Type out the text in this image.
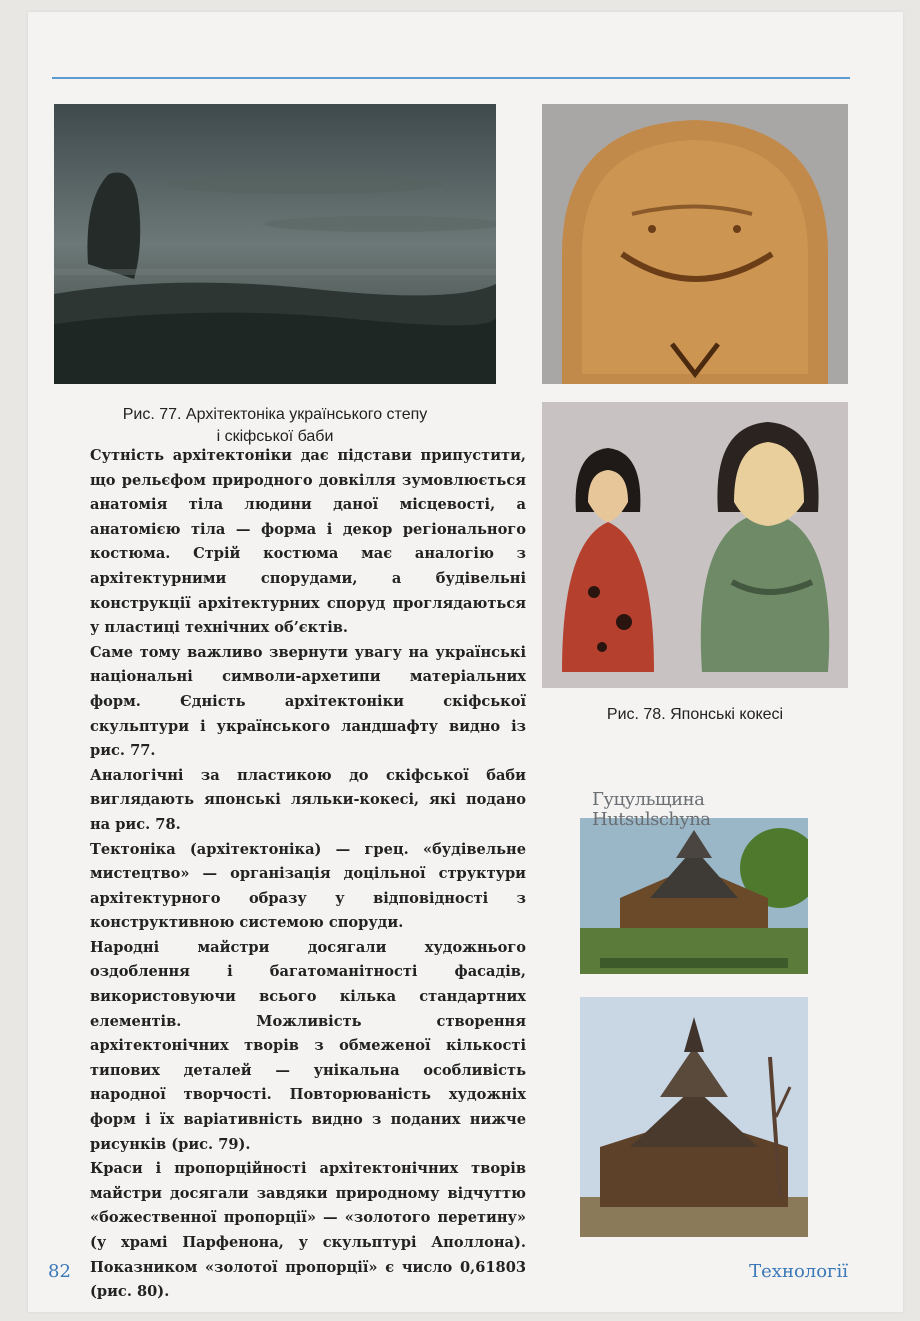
Рис. 77. Архітектоніка українського степу
і скіфської баби
Рис. 78. Японські кокесі
Гуцульщина
Hutsulschyna

Сутність архітектоніки дає підстави припустити, що рельєфом природного довкілля зумовлюється анатомія тіла людини даної місцевості, а анатомією тіла — форма і декор регіонального костюма. Стрій костюма має аналогію з архітектурними спорудами, а будівельні конструкції архітектурних споруд проглядаються у пластиці технічних об’єктів.

Саме тому важливо звернути увагу на українські національні символи-архетипи матеріальних форм. Єдність архітектоніки скіфської скульптури і українського ландшафту видно із рис. 77.

Аналогічні за пластикою до скіфської баби виглядають японські ляльки-кокесі, які подано на рис. 78.

Тектоніка (архітектоніка) — грец. «будівельне мистецтво» — організація доцільної структури архітектурного образу у відповідності з конструктивною системою споруди.

Народні майстри досягали художнього оздоблення і багатоманітності фасадів, використовуючи всього кілька стандартних елементів. Можливість створення архітектонічних творів з обмеженої кількості типових деталей — унікальна особливість народної творчості. Повторюваність художніх форм і їх варіативність видно з поданих нижче рисунків (рис. 79).

Краси і пропорційності архітектонічних творів майстри досягали завдяки природному відчуттю «божественної пропорції» — «золотого перетину» (у храмі Парфенона, у скульптурі Аполлона). Показником «золотої пропорції» є число 0,61803 (рис. 80).

82	Технології
